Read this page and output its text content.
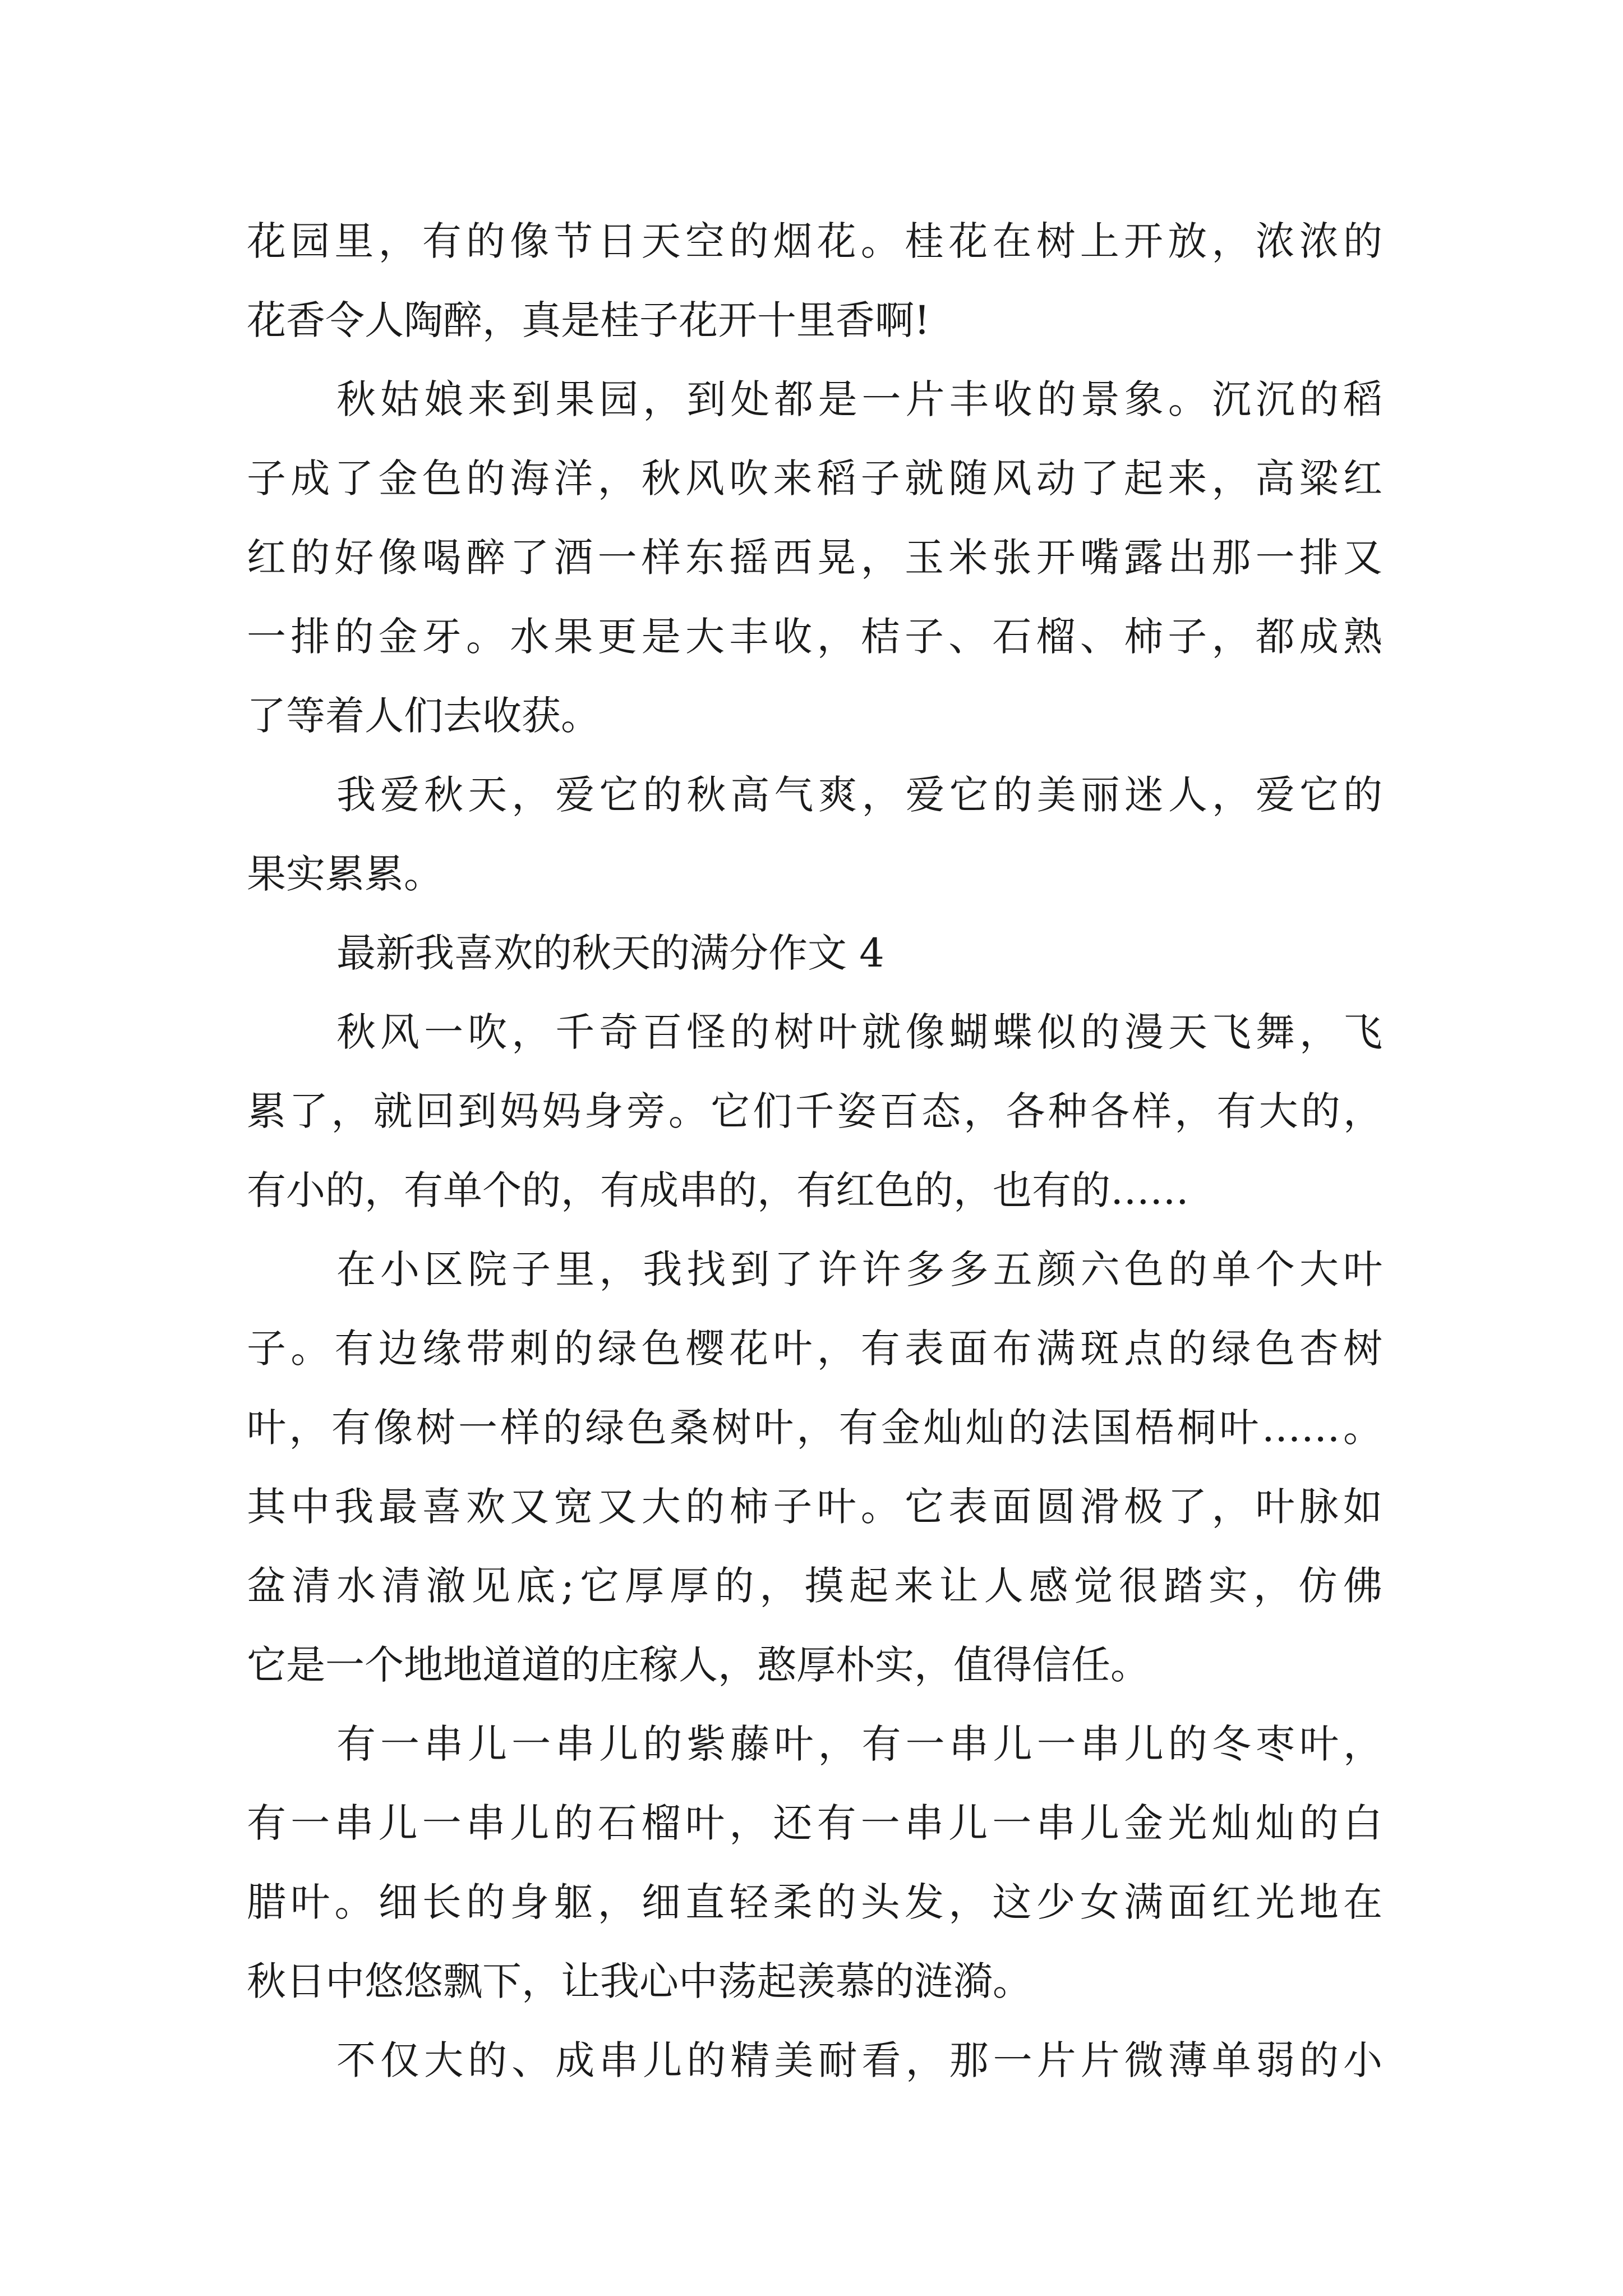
花园里，有的像节日天空的烟花。桂花在树上开放，浓浓的
花香令人陶醉，真是桂子花开十里香啊!
秋姑娘来到果园，到处都是一片丰收的景象。沉沉的稻
子成了金色的海洋，秋风吹来稻子就随风动了起来，高粱红
红的好像喝醉了酒一样东摇西晃，玉米张开嘴露出那一排又
一排的金牙。水果更是大丰收，桔子、石榴、柿子，都成熟
了等着人们去收获。
我爱秋天，爱它的秋高气爽，爱它的美丽迷人，爱它的
果实累累。
最新我喜欢的秋天的满分作文 4
秋风一吹，千奇百怪的树叶就像蝴蝶似的漫天飞舞，飞
累了，就回到妈妈身旁。它们千姿百态，各种各样，有大的，
有小的，有单个的，有成串的，有红色的，也有的……
在小区院子里，我找到了许许多多五颜六色的单个大叶
子。有边缘带刺的绿色樱花叶，有表面布满斑点的绿色杏树
叶，有像树一样的绿色桑树叶，有金灿灿的法国梧桐叶……。
其中我最喜欢又宽又大的柿子叶。它表面圆滑极了，叶脉如
盆清水清澈见底;它厚厚的，摸起来让人感觉很踏实，仿佛
它是一个地地道道的庄稼人，憨厚朴实，值得信任。
有一串儿一串儿的紫藤叶，有一串儿一串儿的冬枣叶，
有一串儿一串儿的石榴叶，还有一串儿一串儿金光灿灿的白
腊叶。细长的身躯，细直轻柔的头发，这少女满面红光地在
秋日中悠悠飘下，让我心中荡起羡慕的涟漪。
不仅大的、成串儿的精美耐看，那一片片微薄单弱的小
